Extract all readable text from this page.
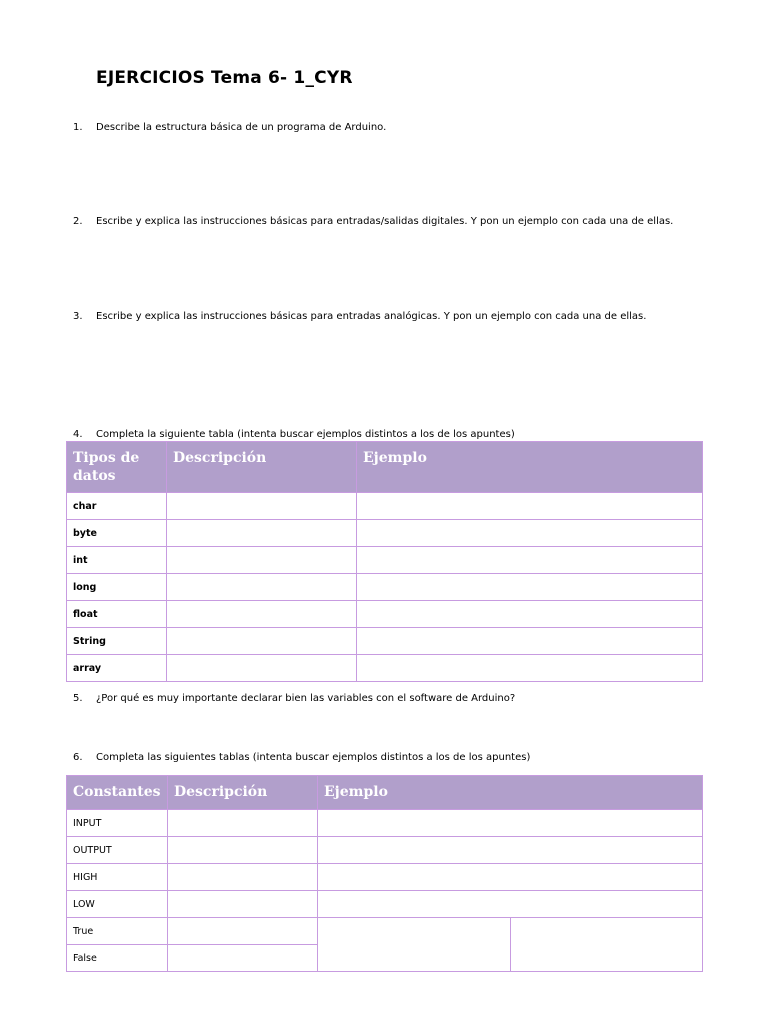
EJERCICIOS Tema 6- 1_CYR
1. Describe la estructura básica de un programa de Arduino.
2. Escribe y explica las instrucciones básicas para entradas/salidas digitales. Y pon un ejemplo con cada una de ellas.
3. Escribe y explica las instrucciones básicas para entradas analógicas. Y pon un ejemplo con cada una de ellas.
4. Completa la siguiente tabla (intenta buscar ejemplos distintos a los de los apuntes)
Tipos de datos	Descripción	Ejemplo
char		
byte		
int		
long		
float		
String		
array		
5. ¿Por qué es muy importante declarar bien las variables con el software de Arduino?
6. Completa las siguientes tablas (intenta buscar ejemplos distintos a los de los apuntes)
Constantes	Descripción	Ejemplo	
INPUT			
OUTPUT			
HIGH			
LOW			
True			
False			
